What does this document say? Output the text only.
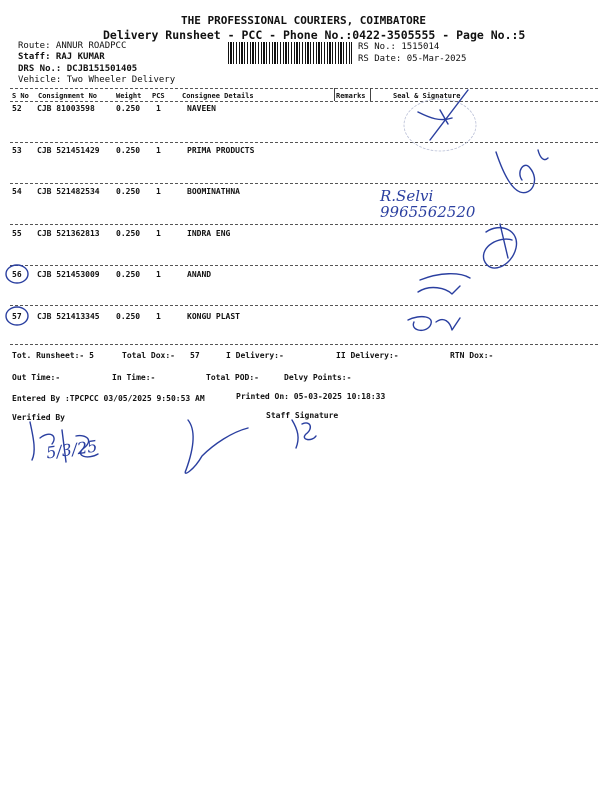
THE PROFESSIONAL COURIERS, COIMBATORE
Delivery Runsheet - PCC - Phone No.:0422-3505555 - Page No.:5
Route: ANNUR ROADPCC
Staff: RAJ KUMAR
DRS No.: DCJB151501405
Vehicle: Two Wheeler Delivery
RS No.: 1515014
RS Date: 05-Mar-2025
S No Consignment No	Weight PCS Consignee Details	Remarks	Seal & Signature
52 CJB 81003598	0.250 1	NAVEEN
53 CJB 521451429 0.250 1	PRIMA PRODUCTS
54 CJB 521482534 0.250 1	BOOMINATHNA
55 CJB 521362813 0.250 1	INDRA ENG
56 CJB 521453009 0.250 1	ANAND
57 CJB 521413345 0.250 1	KONGU PLAST
Tot. Runsheet:- 5	Total Dox:- 57	I Delivery:-	II Delivery:-	RTN Dox:-
Out Time:-	In Time:-	Total POD:-	Delvy Points:-
Entered By :TPCPCC 03/05/2025 9:50:53 AM	Printed On: 05-03-2025 10:18:33
Verified By	Staff Signature
R.Selvi
9965562520
5/3/25
